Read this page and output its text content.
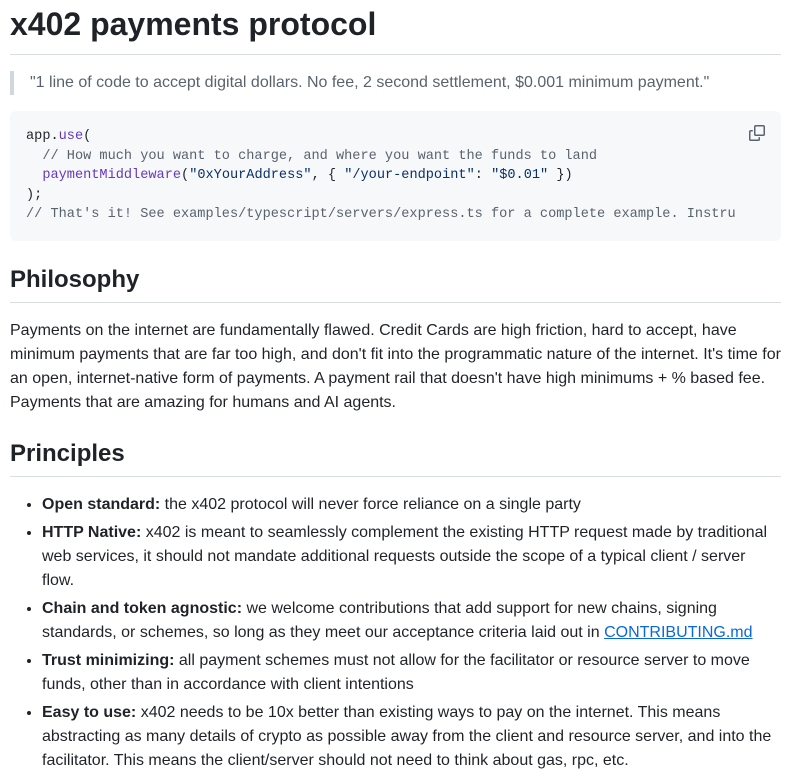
x402 payments protocol
"1 line of code to accept digital dollars. No fee, 2 second settlement, $0.001 minimum payment."
app.use(
// How much you want to charge, and where you want the funds to land
paymentMiddleware("0xYourAddress", { "/your-endpoint": "$0.01" })
);
// That's it! See examples/typescript/servers/express.ts for a complete example. Instru
Philosophy

Payments on the internet are fundamentally flawed. Credit Cards are high friction, hard to accept, have minimum payments that are far too high, and don't fit into the programmatic nature of the internet. It's time for an open, internet-native form of payments. A payment rail that doesn't have high minimums + % based fee. Payments that are amazing for humans and AI agents.

Principles
• Open standard: the x402 protocol will never force reliance on a single party
• HTTP Native: x402 is meant to seamlessly complement the existing HTTP request made by traditional web services, it should not mandate additional requests outside the scope of a typical client / server flow.
• Chain and token agnostic: we welcome contributions that add support for new chains, signing standards, or schemes, so long as they meet our acceptance criteria laid out in CONTRIBUTING.md
• Trust minimizing: all payment schemes must not allow for the facilitator or resource server to move funds, other than in accordance with client intentions
• Easy to use: x402 needs to be 10x better than existing ways to pay on the internet. This means abstracting as many details of crypto as possible away from the client and resource server, and into the facilitator. This means the client/server should not need to think about gas, rpc, etc.
